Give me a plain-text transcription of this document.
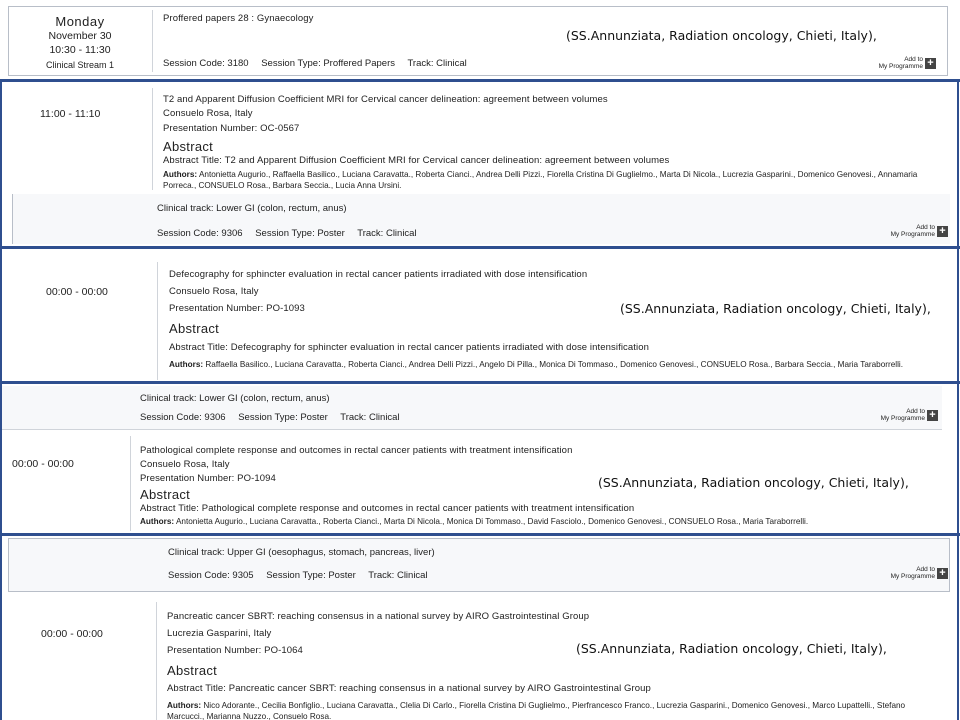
Monday
November 30
10:30 - 11:30
Clinical Stream 1
Proffered papers 28 : Gynaecology
(SS.Annunziata, Radiation oncology, Chieti, Italy),
Session Code: 3180 Session Type: Proffered Papers Track: Clinical	Add to
My Programme +
11:00 - 11:10
T2 and Apparent Diffusion Coefficient MRI for Cervical cancer delineation: agreement between volumes
Consuelo Rosa, Italy
Presentation Number: OC-0567
Abstract
Abstract Title: T2 and Apparent Diffusion Coefficient MRI for Cervical cancer delineation: agreement between volumes
Authors: Antonietta Augurio., Raffaella Basilico., Luciana Caravatta., Roberta Cianci., Andrea Delli Pizzi., Fiorella Cristina Di Guglielmo., Marta Di Nicola., Lucrezia Gasparini., Domenico Genovesi., Annamaria Porreca., CONSUELO Rosa., Barbara Seccia., Lucia Anna Ursini.
Clinical track: Lower GI (colon, rectum, anus)
Session Code: 9306 Session Type: Poster Track: Clinical
Add to
My Programme +
00:00 - 00:00
Defecography for sphincter evaluation in rectal cancer patients irradiated with dose intensification
Consuelo Rosa, Italy
Presentation Number: PO-1093	(SS.Annunziata, Radiation oncology, Chieti, Italy),
Abstract
Abstract Title: Defecography for sphincter evaluation in rectal cancer patients irradiated with dose intensification
Authors: Raffaella Basilico., Luciana Caravatta., Roberta Cianci., Andrea Delli Pizzi., Angelo Di Pilla., Monica Di Tommaso., Domenico Genovesi., CONSUELO Rosa., Barbara Seccia., Maria Taraborrelli.
Clinical track: Lower GI (colon, rectum, anus)
Session Code: 9306 Session Type: Poster Track: Clinical
Add to
My Programme +
00:00 - 00:00
Pathological complete response and outcomes in rectal cancer patients with treatment intensification
Consuelo Rosa, Italy
Presentation Number: PO-1094	(SS.Annunziata, Radiation oncology, Chieti, Italy),
Abstract
Abstract Title: Pathological complete response and outcomes in rectal cancer patients with treatment intensification
Authors: Antonietta Augurio., Luciana Caravatta., Roberta Cianci., Marta Di Nicola., Monica Di Tommaso., David Fasciolo., Domenico Genovesi., CONSUELO Rosa., Maria Taraborrelli.
Clinical track: Upper GI (oesophagus, stomach, pancreas, liver)
Session Code: 9305 Session Type: Poster Track: Clinical
Add to
My Programme +
00:00 - 00:00
Pancreatic cancer SBRT: reaching consensus in a national survey by AIRO Gastrointestinal Group
Lucrezia Gasparini, Italy
Presentation Number: PO-1064	(SS.Annunziata, Radiation oncology, Chieti, Italy),
Abstract
Abstract Title: Pancreatic cancer SBRT: reaching consensus in a national survey by AIRO Gastrointestinal Group
Authors: Nico Adorante., Cecilia Bonfiglio., Luciana Caravatta., Clelia Di Carlo., Fiorella Cristina Di Guglielmo., Pierfrancesco Franco., Lucrezia Gasparini., Domenico Genovesi., Marco Lupattelli., Stefano Marcucci., Marianna Nuzzo., Consuelo Rosa.
